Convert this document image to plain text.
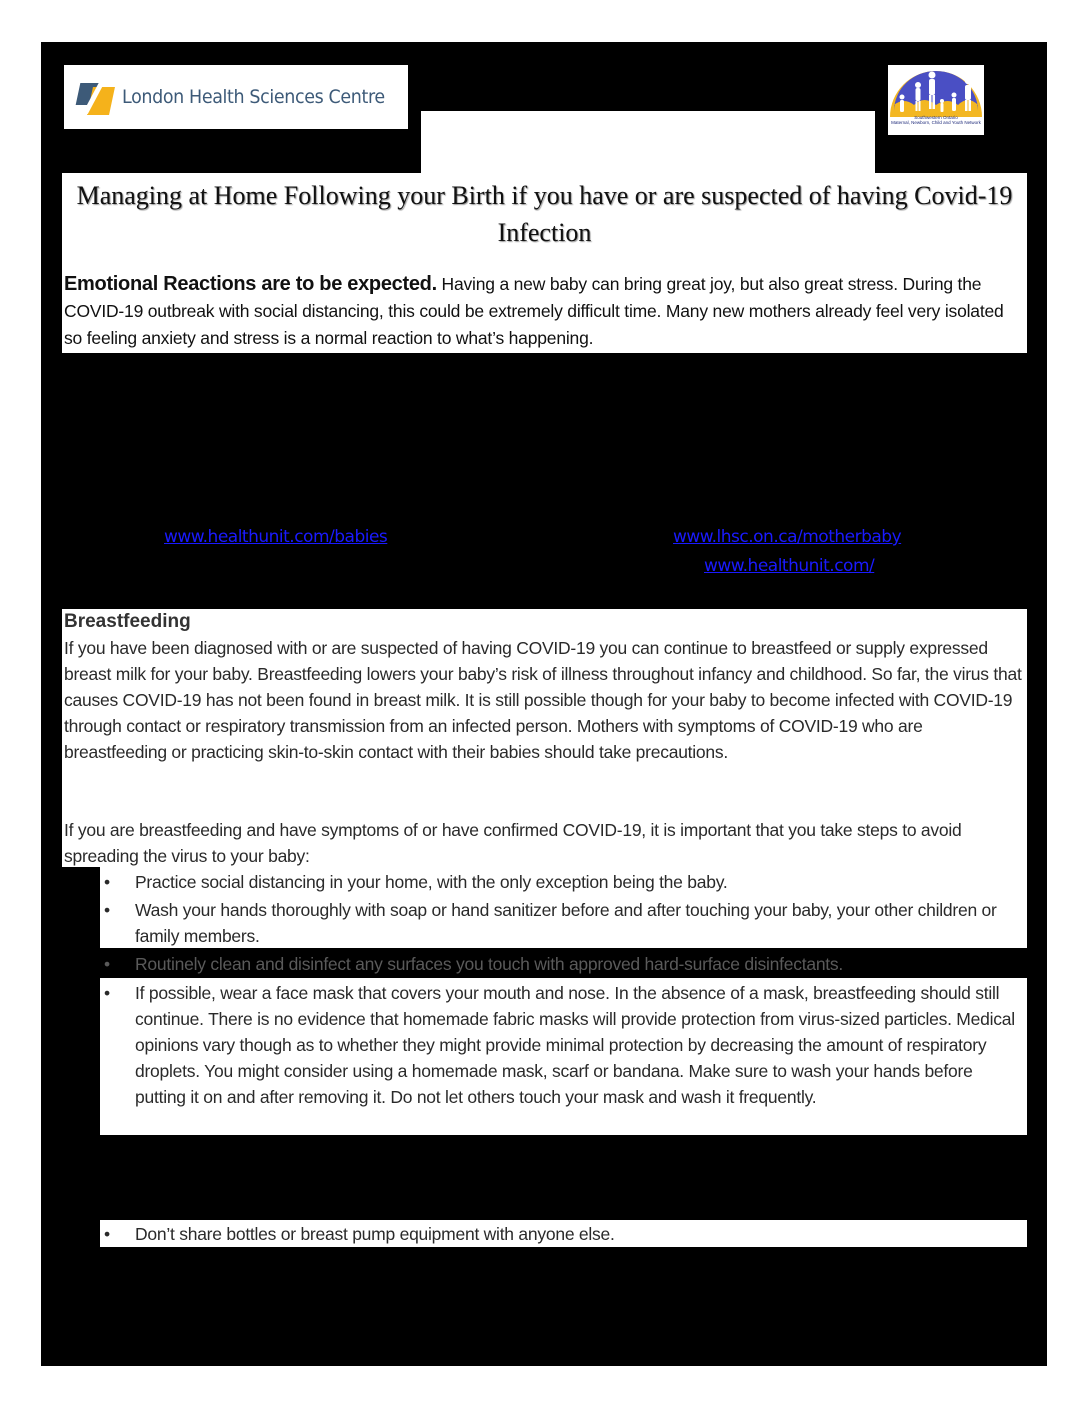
London Health Sciences Centre
Southwestern Ontario
Maternal, Newborn, Child and Youth Network
Managing at Home Following your Birth if you have or are suspected of having Covid-19 Infection
Emotional Reactions are to be expected. Having a new baby can bring great joy, but also great stress. During the COVID-19 outbreak with social distancing, this could be extremely difficult time. Many new mothers already feel very isolated so feeling anxiety and stress is a normal reaction to what’s happening.
www.healthunit.com/babies	www.lhsc.on.ca/motherbaby
www.healthunit.com/
Breastfeeding
If you have been diagnosed with or are suspected of having COVID-19 you can continue to breastfeed or supply expressed breast milk for your baby. Breastfeeding lowers your baby’s risk of illness throughout infancy and childhood. So far, the virus that causes COVID-19 has not been found in breast milk. It is still possible though for your baby to become infected with COVID-19 through contact or respiratory transmission from an infected person. Mothers with symptoms of COVID-19 who are breastfeeding or practicing skin-to-skin contact with their babies should take precautions.
If you are breastfeeding and have symptoms of or have confirmed COVID-19, it is important that you take steps to avoid spreading the virus to your baby:
•	Practice social distancing in your home, with the only exception being the baby.
•	Wash your hands thoroughly with soap or hand sanitizer before and after touching your baby, your other children or family members.
•	Routinely clean and disinfect any surfaces you touch with approved hard-surface disinfectants.
•	If possible, wear a face mask that covers your mouth and nose. In the absence of a mask, breastfeeding should still continue. There is no evidence that homemade fabric masks will provide protection from virus-sized particles. Medical opinions vary though as to whether they might provide minimal protection by decreasing the amount of respiratory droplets. You might consider using a homemade mask, scarf or bandana. Make sure to wash your hands before putting it on and after removing it. Do not let others touch your mask and wash it frequently.
•	Don’t share bottles or breast pump equipment with anyone else.
